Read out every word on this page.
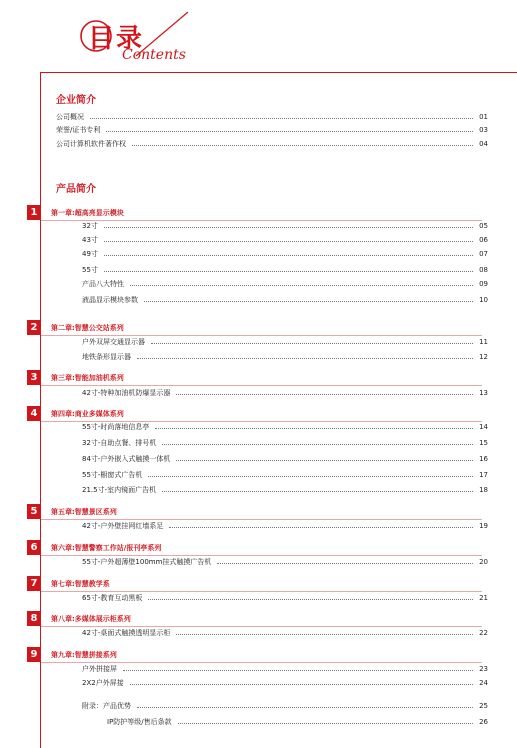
目录
Contents
企业简介
公司概况	01
荣誉/证书专利	03
公司计算机软件著作权	04
产品简介
1	第一章:超高亮显示模块
32寸	05
43寸	06
49寸	07
55寸	08
产品八大特性	09
液晶显示模块参数	10
2	第二章:智慧公交站系列
户外双屏交通显示器	11
地铁条形显示器	12
3	第三章:智能加油机系列
42寸-特种加油机防爆显示器	13
4	第四章:商业多媒体系列
55寸-时尚落地信息亭	14
32寸-自助点餐、排号机	15
84寸-户外嵌入式触摸一体机	16
55寸-橱窗式广告机	17
21.5寸-室内镜面广告机	18
5	第五章:智慧景区系列
42寸-户外壁挂网红墙系足	19
6	第六章:智慧警察工作站/报刊亭系列
55寸-户外超薄壁100mm挂式触摸广告机	20
7	第七章:智慧教学系
65寸-教育互动黑板	21
8	第八章:多媒体展示柜系列
42寸-桌面式触摸透明显示柜	22
9	第九章:智慧拼接系列
户外拼接屏	23
2X2户外屏接	24
附录：产品优势	25
IP防护等级/售后条款	26
